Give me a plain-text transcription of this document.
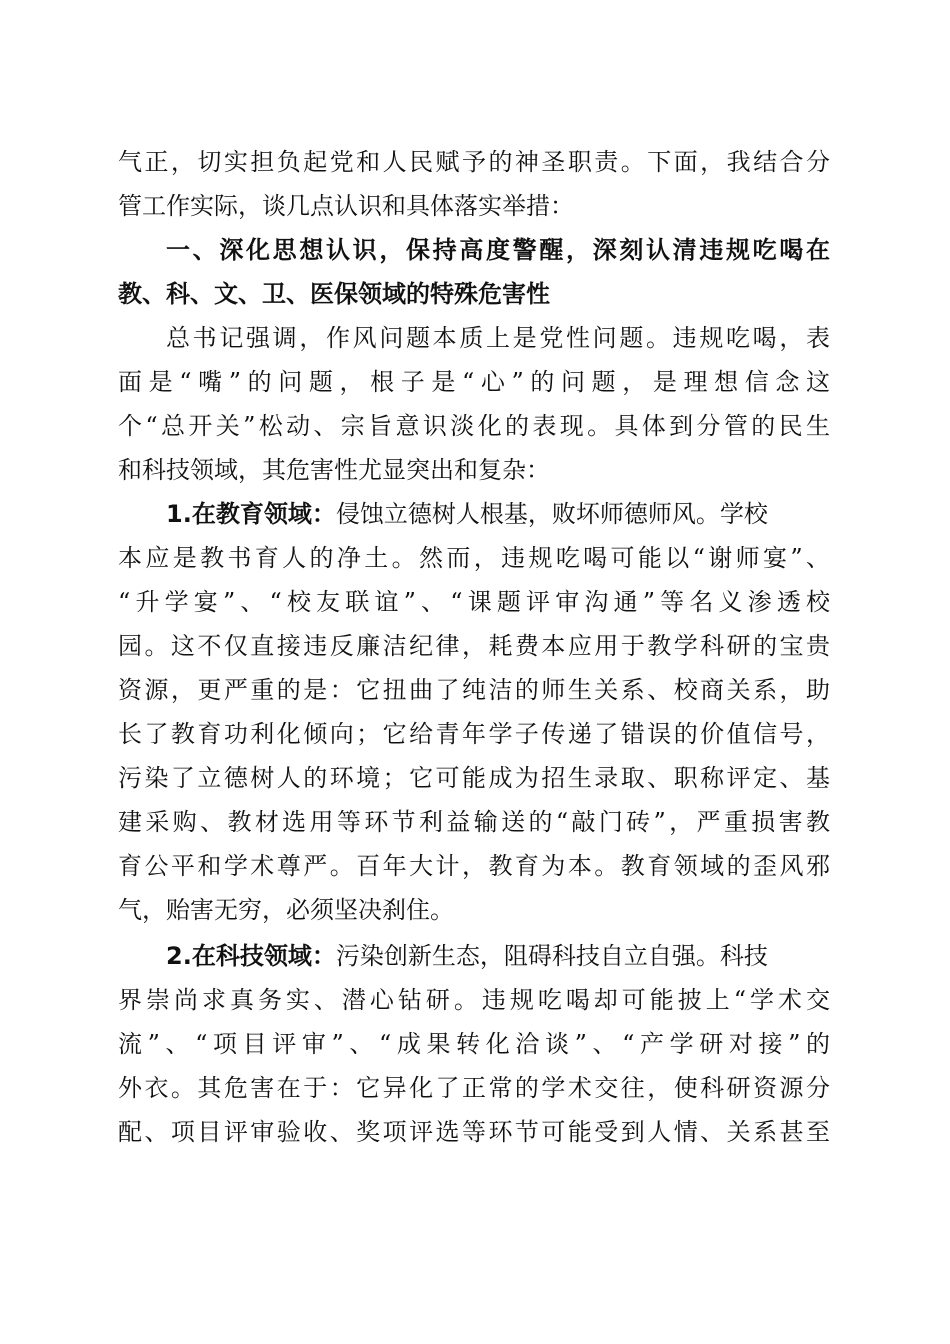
气正，切实担负起党和人民赋予的神圣职责。下面，我结合分
管工作实际，谈几点认识和具体落实举措：
一、深化思想认识，保持高度警醒，深刻认清违规吃喝在
教、科、文、卫、医保领域的特殊危害性
总书记强调，作风问题本质上是党性问题。违规吃喝，表
面是“嘴”的问题，根子是“心”的问题，是理想信念这
个“总开关”松动、宗旨意识淡化的表现。具体到分管的民生
和科技领域，其危害性尤显突出和复杂：
1.在教育领域：侵蚀立德树人根基，败坏师德师风。学校
本应是教书育人的净土。然而，违规吃喝可能以“谢师宴”、
“升学宴”、“校友联谊”、“课题评审沟通”等名义渗透校
园。这不仅直接违反廉洁纪律，耗费本应用于教学科研的宝贵
资源，更严重的是：它扭曲了纯洁的师生关系、校商关系，助
长了教育功利化倾向；它给青年学子传递了错误的价值信号，
污染了立德树人的环境；它可能成为招生录取、职称评定、基
建采购、教材选用等环节利益输送的“敲门砖”，严重损害教
育公平和学术尊严。百年大计，教育为本。教育领域的歪风邪
气，贻害无穷，必须坚决刹住。
2.在科技领域：污染创新生态，阻碍科技自立自强。科技
界崇尚求真务实、潜心钻研。违规吃喝却可能披上“学术交
流”、“项目评审”、“成果转化洽谈”、“产学研对接”的
外衣。其危害在于：它异化了正常的学术交往，使科研资源分
配、项目评审验收、奖项评选等环节可能受到人情、关系甚至
